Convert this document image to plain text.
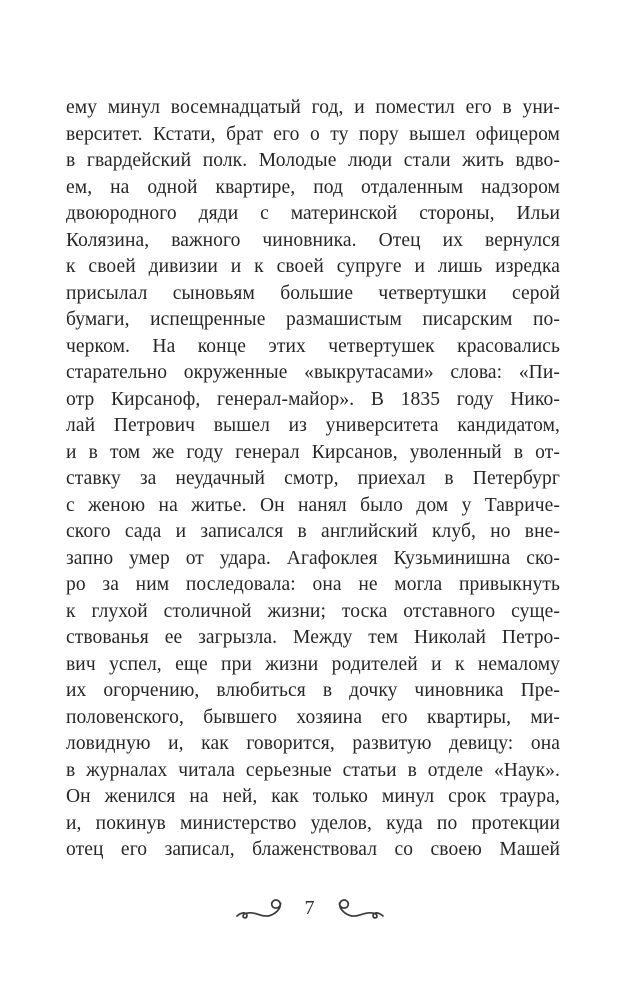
ему минул восемнадцатый год, и поместил его в уни-
верситет. Кстати, брат его о ту пору вышел офицером
в гвардейский полк. Молодые люди стали жить вдво-
ем, на одной квартире, под отдаленным надзором
двоюродного дяди с материнской стороны, Ильи
Колязина, важного чиновника. Отец их вернулся
к своей дивизии и к своей супруге и лишь изредка
присылал сыновьям большие четвертушки серой
бумаги, испещренные размашистым писарским по-
черком. На конце этих четвертушек красовались
старательно окруженные «выкрутасами» слова: «Пи-
отр Кирсаноф, генерал-майор». В 1835 году Нико-
лай Петрович вышел из университета кандидатом,
и в том же году генерал Кирсанов, уволенный в от-
ставку за неудачный смотр, приехал в Петербург
с женою на житье. Он нанял было дом у Тавриче-
ского сада и записался в английский клуб, но вне-
запно умер от удара. Агафоклея Кузьминишна ско-
ро за ним последовала: она не могла привыкнуть
к глухой столичной жизни; тоска отставного суще-
ствованья ее загрызла. Между тем Николай Петро-
вич успел, еще при жизни родителей и к немалому
их огорчению, влюбиться в дочку чиновника Пре-
половенского, бывшего хозяина его квартиры, ми-
ловидную и, как говорится, развитую девицу: она
в журналах читала серьезные статьи в отделе «Наук».
Он женился на ней, как только минул срок траура,
и, покинув министерство уделов, куда по протекции
отец его записал, блаженствовал со своею Машей
7
